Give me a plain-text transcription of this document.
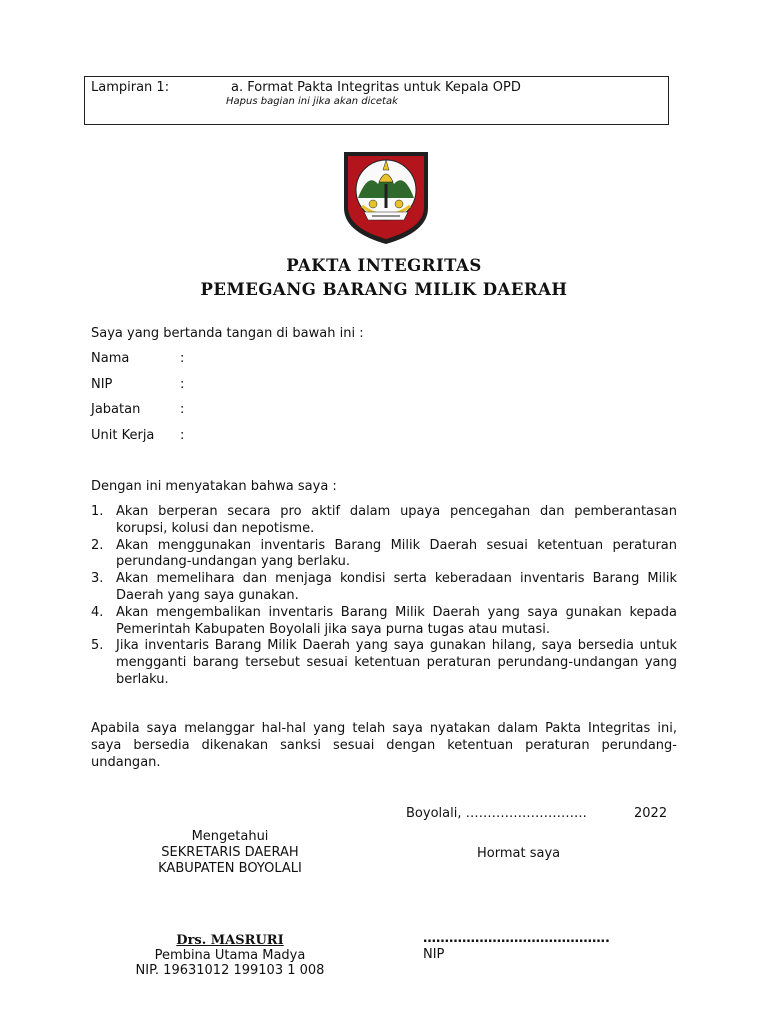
Lampiran 1:	a. Format Pakta Integritas untuk Kepala OPD
Hapus bagian ini jika akan dicetak
PAKTA INTEGRITAS
PEMEGANG BARANG MILIK DAERAH
Saya yang bertanda tangan di bawah ini :
Nama	:
NIP	:
Jabatan	:
Unit Kerja :
Dengan ini menyatakan bahwa saya :
1. Akan berperan secara pro aktif dalam upaya pencegahan dan pemberantasan korupsi, kolusi dan nepotisme.
2. Akan menggunakan inventaris Barang Milik Daerah sesuai ketentuan peraturan perundang-undangan yang berlaku.
3. Akan memelihara dan menjaga kondisi serta keberadaan inventaris Barang Milik Daerah yang saya gunakan.
4. Akan mengembalikan inventaris Barang Milik Daerah yang saya gunakan kepada Pemerintah Kabupaten Boyolali jika saya purna tugas atau mutasi.
5. Jika inventaris Barang Milik Daerah yang saya gunakan hilang, saya bersedia untuk mengganti barang tersebut sesuai ketentuan peraturan perundang-undangan yang berlaku.
Apabila saya melanggar hal-hal yang telah saya nyatakan dalam Pakta Integritas ini, saya bersedia dikenakan sanksi sesuai dengan ketentuan peraturan perundang-undangan.
Boyolali, ……………………….	2022
Mengetahui
SEKRETARIS DAERAH
KABUPATEN BOYOLALI
Drs. MASRURI
Pembina Utama Madya
NIP. 19631012 199103 1 008
Hormat saya
…………………………………….
NIP
